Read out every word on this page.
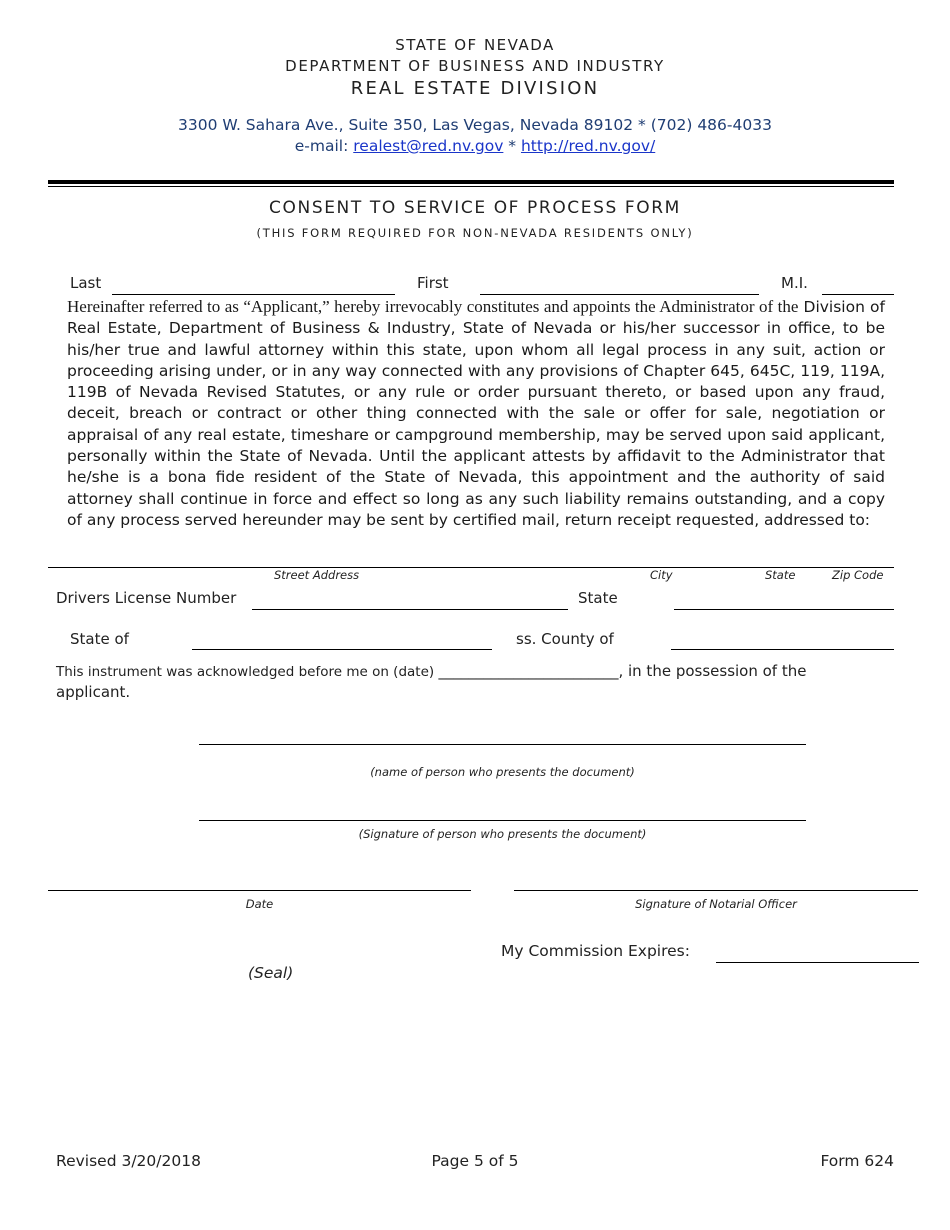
STATE OF NEVADA
DEPARTMENT OF BUSINESS AND INDUSTRY
REAL ESTATE DIVISION
3300 W. Sahara Ave., Suite 350, Las Vegas, Nevada 89102 * (702) 486-4033
e-mail: realest@red.nv.gov * http://red.nv.gov/
CONSENT TO SERVICE OF PROCESS FORM
(THIS FORM REQUIRED FOR NON-NEVADA RESIDENTS ONLY)
Last	First	M.I.
Hereinafter referred to as “Applicant,” hereby irrevocably constitutes and appoints the Administrator of the Division of Real Estate, Department of Business & Industry, State of Nevada or his/her successor in office, to be his/her true and lawful attorney within this state, upon whom all legal process in any suit, action or proceeding arising under, or in any way connected with any provisions of Chapter 645, 645C, 119, 119A, 119B of Nevada Revised Statutes, or any rule or order pursuant thereto, or based upon any fraud, deceit, breach or contract or other thing connected with the sale or offer for sale, negotiation or appraisal of any real estate, timeshare or campground membership, may be served upon said applicant, personally within the State of Nevada. Until the applicant attests by affidavit to the Administrator that he/she is a bona fide resident of the State of Nevada, this appointment and the authority of said attorney shall continue in force and effect so long as any such liability remains outstanding, and a copy of any process served hereunder may be sent by certified mail, return receipt requested, addressed to:
Street Address	City	State	Zip Code
Drivers License Number	State
State of	ss. County of
This instrument was acknowledged before me on (date) ________________________, in the possession of the applicant.
(name of person who presents the document)
(Signature of person who presents the document)
Date	Signature of Notarial Officer
My Commission Expires:
(Seal)
Revised 3/20/2018	Page 5 of 5	Form 624
